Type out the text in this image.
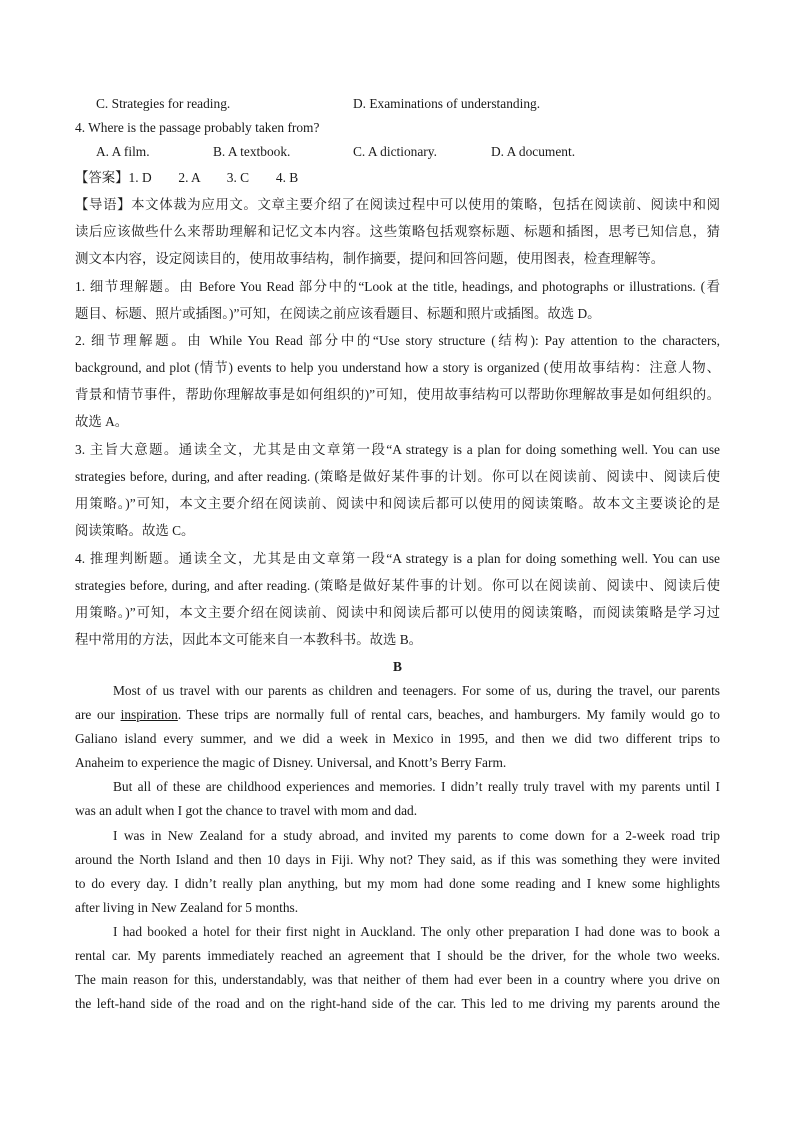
C. Strategies for reading.	D. Examinations of understanding.
4. Where is the passage probably taken from?
A. A film.	B. A textbook.	C. A dictionary.	D. A document.
【答案】1. D        2. A        3. C        4. B
【导语】本文体裁为应用文。文章主要介绍了在阅读过程中可以使用的策略，包括在阅读前、阅读中和阅
读后应该做些什么来帮助理解和记忆文本内容。这些策略包括观察标题、标题和插图，思考已知信息，猜
测文本内容，设定阅读目的，使用故事结构，制作摘要，提问和回答问题，使用图表，检查理解等。
1. 细节理解题。由 Before You Read 部分中的“Look at the title, headings, and photographs or illustrations. (看
题目、标题、照片或插图。)”可知，在阅读之前应该看题目、标题和照片或插图。故选 D。
2. 细节理解题。由 While You Read 部分中的“Use story structure (结构): Pay attention to the characters,
background, and plot (情节) events to help you understand how a story is organized (使用故事结构：注意人物、
背景和情节事件，帮助你理解故事是如何组织的)”可知，使用故事结构可以帮助你理解故事是如何组织的。
故选 A。
3. 主旨大意题。通读全文，尤其是由文章第一段“A strategy is a plan for doing something well. You can use
strategies before, during, and after reading. (策略是做好某件事的计划。你可以在阅读前、阅读中、阅读后使
用策略。)”可知，本文主要介绍在阅读前、阅读中和阅读后都可以使用的阅读策略。故本文主要谈论的是
阅读策略。故选 C。
4. 推理判断题。通读全文，尤其是由文章第一段“A strategy is a plan for doing something well. You can use
strategies before, during, and after reading. (策略是做好某件事的计划。你可以在阅读前、阅读中、阅读后使
用策略。)”可知，本文主要介绍在阅读前、阅读中和阅读后都可以使用的阅读策略，而阅读策略是学习过
程中常用的方法，因此本文可能来自一本教科书。故选 B。
B
Most of us travel with our parents as children and teenagers. For some of us, during the travel, our parents
are our inspiration. These trips are normally full of rental cars, beaches, and hamburgers. My family would go to
Galiano island every summer, and we did a week in Mexico in 1995, and then we did two different trips to
Anaheim to experience the magic of Disney. Universal, and Knott’s Berry Farm.
But all of these are childhood experiences and memories. I didn’t really truly travel with my parents until I
was an adult when I got the chance to travel with mom and dad.
I was in New Zealand for a study abroad, and invited my parents to come down for a 2-week road trip
around the North Island and then 10 days in Fiji. Why not? They said, as if this was something they were invited
to do every day. I didn’t really plan anything, but my mom had done some reading and I knew some highlights
after living in New Zealand for 5 months.
I had booked a hotel for their first night in Auckland. The only other preparation I had done was to book a
rental car. My parents immediately reached an agreement that I should be the driver, for the whole two weeks.
The main reason for this, understandably, was that neither of them had ever been in a country where you drive on
the left-hand side of the road and on the right-hand side of the car. This led to me driving my parents around the
